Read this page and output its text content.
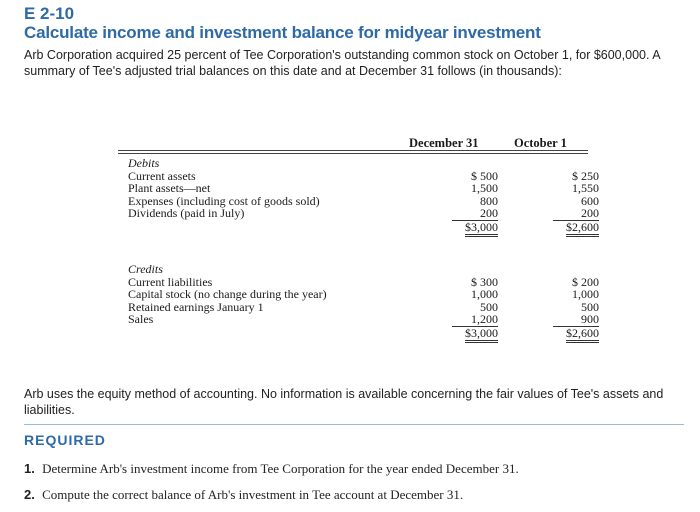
E 2-10
Calculate income and investment balance for midyear investment
Arb Corporation acquired 25 percent of Tee Corporation's outstanding common stock on October 1, for $600,000. A summary of Tee's adjusted trial balances on this date and at December 31 follows (in thousands):
December 31	October 1
Debits
Current assets	$ 500	$ 250
Plant assets—net	1,500	1,550
Expenses (including cost of goods sold)	800	600
Dividends (paid in July)	200	200
$3,000	$2,600
Credits
Current liabilities	$ 300	$ 200
Capital stock (no change during the year)	1,000	1,000
Retained earnings January 1	500	500
Sales	1,200	900
$3,000	$2,600
Arb uses the equity method of accounting. No information is available concerning the fair values of Tee's assets and liabilities.
REQUIRED
1. Determine Arb's investment income from Tee Corporation for the year ended December 31.
2. Compute the correct balance of Arb's investment in Tee account at December 31.
